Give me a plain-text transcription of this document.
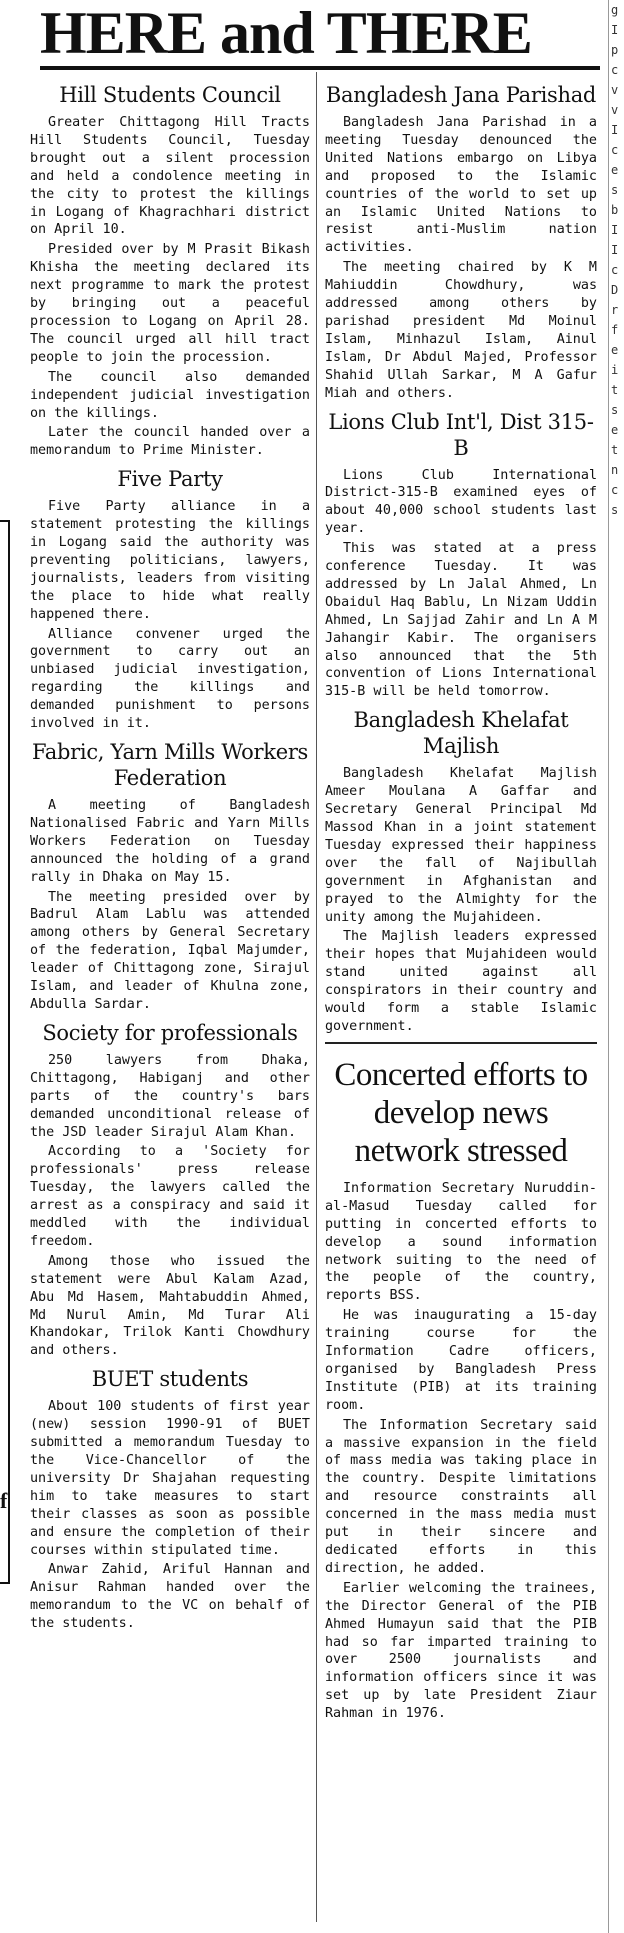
HERE and THERE
f
Hill Students Council

Greater Chittagong Hill Tracts Hill Students Council, Tuesday brought out a silent procession and held a condolence meeting in the city to protest the killings in Logang of Khagrachhari district on April 10.

Presided over by M Prasit Bikash Khisha the meeting declared its next programme to mark the protest by bringing out a peaceful procession to Logang on April 28. The council urged all hill tract people to join the procession.

The council also demanded independent judicial investigation on the killings.

Later the council handed over a memorandum to Prime Minister.

Five Party

Five Party alliance in a statement protesting the killings in Logang said the authority was preventing politicians, lawyers, journalists, leaders from visiting the place to hide what really happened there.

Alliance convener urged the government to carry out an unbiased judicial investigation, regarding the killings and demanded punishment to persons involved in it.

Fabric, Yarn Mills Workers Federation

A meeting of Bangladesh Nationalised Fabric and Yarn Mills Workers Federation on Tuesday announced the holding of a grand rally in Dhaka on May 15.

The meeting presided over by Badrul Alam Lablu was attended among others by General Secretary of the federation, Iqbal Majumder, leader of Chittagong zone, Sirajul Islam, and leader of Khulna zone, Abdulla Sardar.

Society for professionals

250 lawyers from Dhaka, Chittagong, Habiganj and other parts of the country's bars demanded unconditional release of the JSD leader Sirajul Alam Khan.

According to a 'Society for professionals' press release Tuesday, the lawyers called the arrest as a conspiracy and said it meddled with the individual freedom.

Among those who issued the statement were Abul Kalam Azad, Abu Md Hasem, Mahtabuddin Ahmed, Md Nurul Amin, Md Turar Ali Khandokar, Trilok Kanti Chowdhury and others.

BUET students

About 100 students of first year (new) session 1990-91 of BUET submitted a memorandum Tuesday to the Vice-Chancellor of the university Dr Shajahan requesting him to take measures to start their classes as soon as possible and ensure the completion of their courses within stipulated time.

Anwar Zahid, Ariful Hannan and Anisur Rahman handed over the memorandum to the VC on behalf of the students.

Bangladesh Jana Parishad

Bangladesh Jana Parishad in a meeting Tuesday denounced the United Nations embargo on Libya and proposed to the Islamic countries of the world to set up an Islamic United Nations to resist anti-Muslim nation activities.

The meeting chaired by K M Mahiuddin Chowdhury, was addressed among others by parishad president Md Moinul Islam, Minhazul Islam, Ainul Islam, Dr Abdul Majed, Professor Shahid Ullah Sarkar, M A Gafur Miah and others.

Lions Club Int'l, Dist 315-B

Lions Club International District-315-B examined eyes of about 40,000 school students last year.

This was stated at a press conference Tuesday. It was addressed by Ln Jalal Ahmed, Ln Obaidul Haq Bablu, Ln Nizam Uddin Ahmed, Ln Sajjad Zahir and Ln A M Jahangir Kabir. The organisers also announced that the 5th convention of Lions International 315-B will be held tomorrow.

Bangladesh Khelafat Majlish

Bangladesh Khelafat Majlish Ameer Moulana A Gaffar and Secretary General Principal Md Massod Khan in a joint statement Tuesday expressed their happiness over the fall of Najibullah government in Afghanistan and prayed to the Almighty for the unity among the Mujahideen.

The Majlish leaders expressed their hopes that Mujahideen would stand united against all conspirators in their country and would form a stable Islamic government.

Concerted efforts to develop news network stressed

Information Secretary Nuruddin-al-Masud Tuesday called for putting in concerted efforts to develop a sound information network suiting to the need of the people of the country, reports BSS.

He was inaugurating a 15-day training course for the Information Cadre officers, organised by Bangladesh Press Institute (PIB) at its training room.

The Information Secretary said a massive expansion in the field of mass media was taking place in the country. Despite limitations and resource constraints all concerned in the mass media must put in their sincere and dedicated efforts in this direction, he added.

Earlier welcoming the trainees, the Director General of the PIB Ahmed Humayun said that the PIB had so far imparted training to over 2500 journalists and information officers since it was set up by late President Ziaur Rahman in 1976.

g
I
p
c
v
v
I
c
e
s
b
I
I
c
D
r
f
e
i
t
s
e
t
n
c
s
